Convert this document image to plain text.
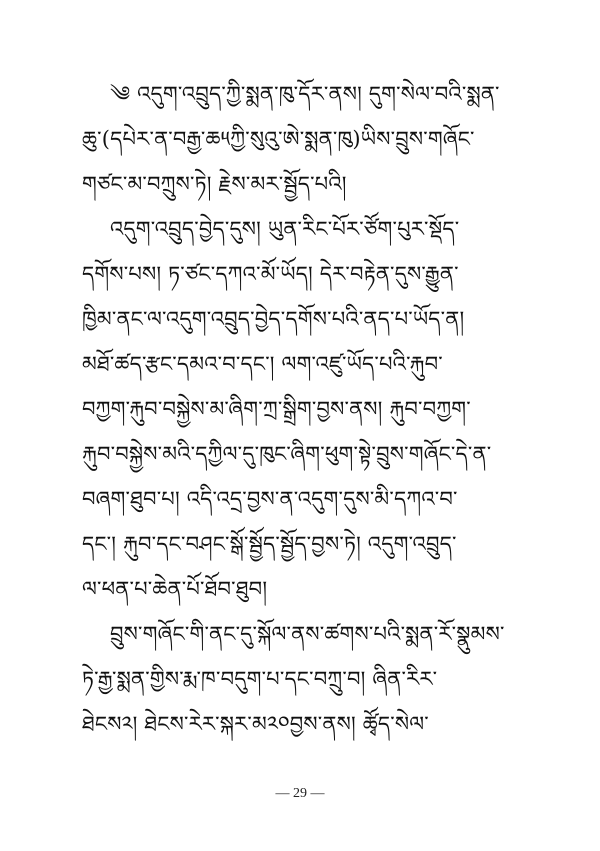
༄ འདུག་འབྲུད་ཀྱི་སྨན་ཁུ་དོར་ནས། དུག་སེལ་བའི་སྨན་
ཆུ་(དཔེར་ན་བརྒྱ་ཆ༥ཀྱི་སུའུ་ཨེ་སྨན་ཁུ)ཡིས་བྲུས་གཞོང་
གཙང་མ་བཀྲུས་ཏེ། རྗེས་མར་སྦྱོད་པའི།
འདུག་འབྲུད་བྱེད་དུས། ཡུན་རིང་པོར་ཙོག་པུར་སྡོད་
དགོས་པས། ཏ་ཙང་དཀའ་མོ་ཡོད། དེར་བརྟེན་དུས་རྒྱུན་
ཁྱིམ་ནང་ལ་འདུག་འབྲུད་བྱེད་དགོས་པའི་ནད་པ་ཡོད་ན།
མཐོ་ཚད་རྩང་དམའ་བ་དང་། ལག་འཛུ་ཡོད་པའི་རྐུབ་
བཀྱག་རྐུབ་བསྐྱེས་མ་ཞིག་ཀྲ་སྒྲིག་བྱས་ནས། རྐུབ་བཀྱག་
རྐུབ་བསྐྱེས་མའི་དཀྱིལ་དུ་ཁུང་ཞིག་ཕུག་སྟེ་བྲུས་གཞོང་དེ་ན་
བཞག་ཐུབ་པ། འདི་འདྲ་བྱས་ན་འདུག་དུས་མི་དཀའ་བ་
དང་། རྐུབ་དང་བཤང་སྒོ་སྦྱོད་སྦྱོད་བྱས་ཏེ། འདུག་འབྲུད་
ལ་ཕན་པ་ཆེན་པོ་ཐོབ་ཐུབ།
བྲུས་གཞོང་གི་ནང་དུ་སྐོལ་ནས་ཚགས་པའི་སྨན་རོ་སྣུམས་
ཏེ་རྒྱ་སྨན་གྱིས་རྨ་ཁ་བདུག་པ་དང་བཀྲུ་བ། ཞིན་རིར་
ཐེངས༢། ཐེངས་རེར་སྐར་མ༢༠བྱས་ནས། ཚྭོད་སེལ་
— 29 —
